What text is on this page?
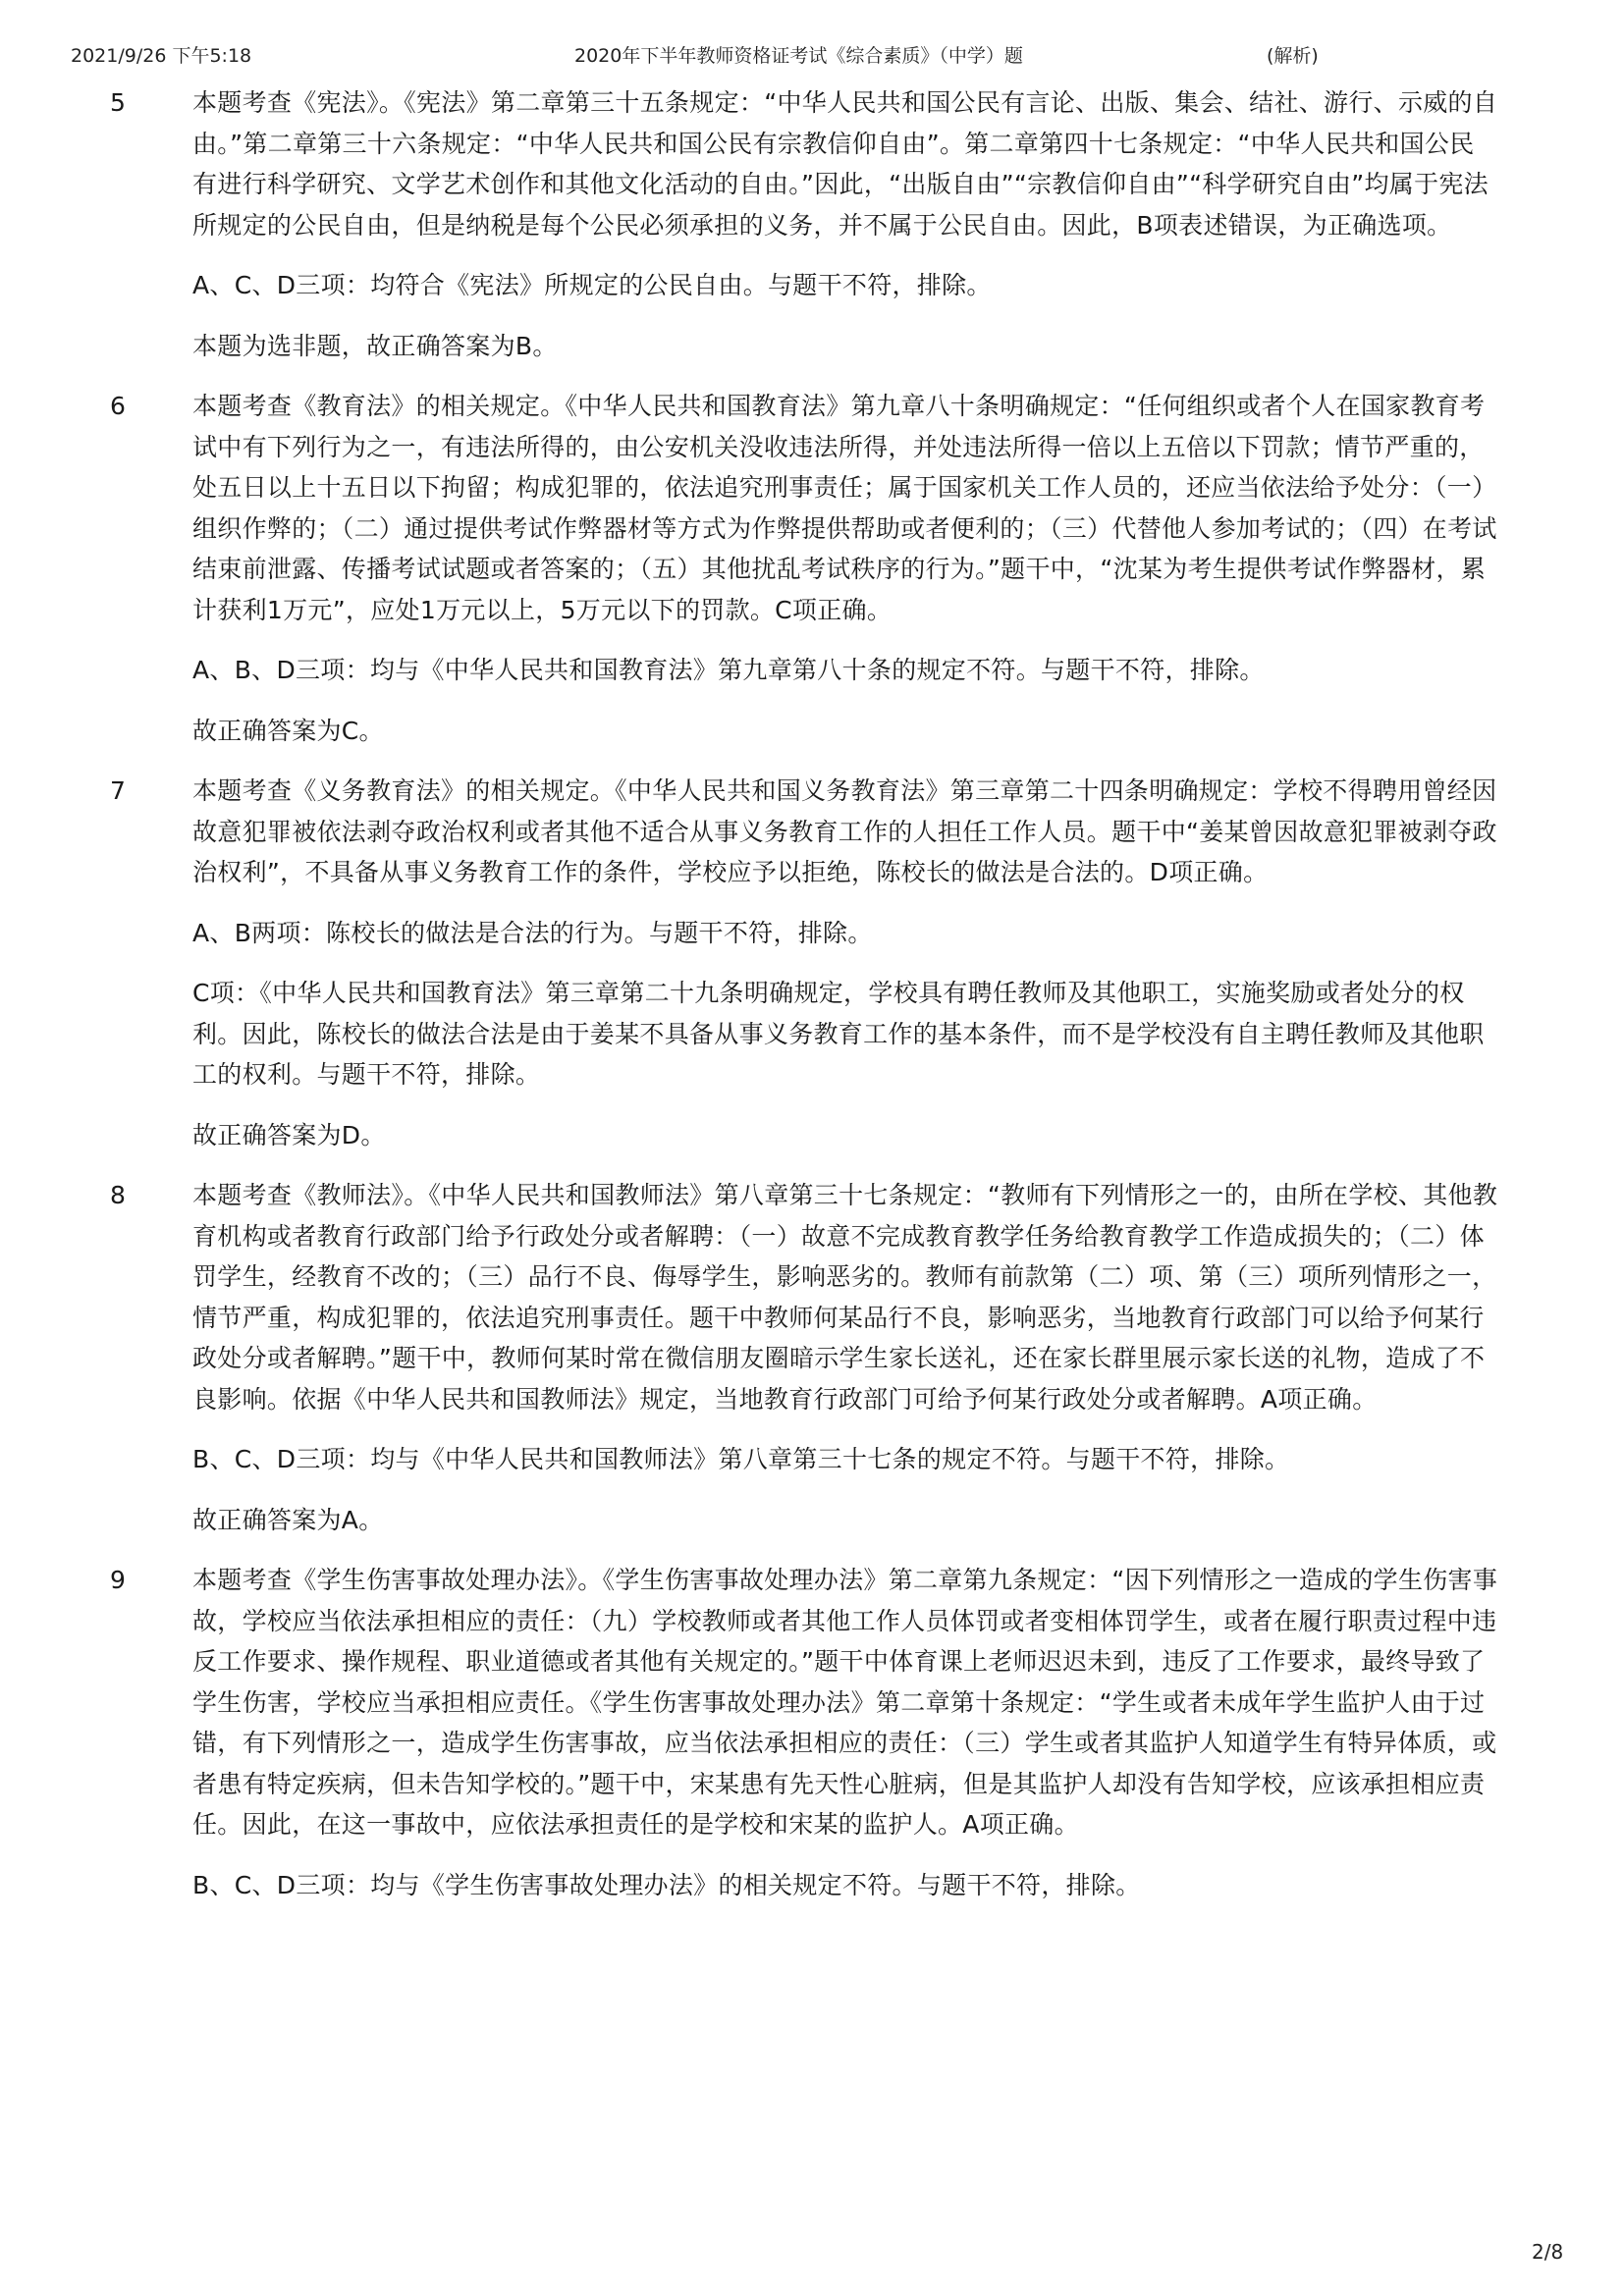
2021/9/26 下午5:18	2020年下半年教师资格证考试《综合素质》（中学）题	(解析)
5	本题考查《宪法》。《宪法》第二章第三十五条规定：“中华人民共和国公民有言论、出版、集会、结社、游行、示威的自由。”第二章第三十六条规定：“中华人民共和国公民有宗教信仰自由”。第二章第四十七条规定：“中华人民共和国公民有进行科学研究、文学艺术创作和其他文化活动的自由。”因此，“出版自由”“宗教信仰自由”“科学研究自由”均属于宪法所规定的公民自由，但是纳税是每个公民必须承担的义务，并不属于公民自由。因此，B项表述错误，为正确选项。

A、C、D三项：均符合《宪法》所规定的公民自由。与题干不符，排除。

本题为选非题，故正确答案为B。

6	本题考查《教育法》的相关规定。《中华人民共和国教育法》第九章八十条明确规定：“任何组织或者个人在国家教育考试中有下列行为之一，有违法所得的，由公安机关没收违法所得，并处违法所得一倍以上五倍以下罚款；情节严重的，处五日以上十五日以下拘留；构成犯罪的，依法追究刑事责任；属于国家机关工作人员的，还应当依法给予处分：（一）组织作弊的；（二）通过提供考试作弊器材等方式为作弊提供帮助或者便利的；（三）代替他人参加考试的；（四）在考试结束前泄露、传播考试试题或者答案的；（五）其他扰乱考试秩序的行为。”题干中，“沈某为考生提供考试作弊器材，累计获利1万元”，应处1万元以上，5万元以下的罚款。C项正确。

A、B、D三项：均与《中华人民共和国教育法》第九章第八十条的规定不符。与题干不符，排除。

故正确答案为C。

7	本题考查《义务教育法》的相关规定。《中华人民共和国义务教育法》第三章第二十四条明确规定：学校不得聘用曾经因故意犯罪被依法剥夺政治权利或者其他不适合从事义务教育工作的人担任工作人员。题干中“姜某曾因故意犯罪被剥夺政治权利”，不具备从事义务教育工作的条件，学校应予以拒绝，陈校长的做法是合法的。D项正确。

A、B两项：陈校长的做法是合法的行为。与题干不符，排除。

C项：《中华人民共和国教育法》第三章第二十九条明确规定，学校具有聘任教师及其他职工，实施奖励或者处分的权利。因此，陈校长的做法合法是由于姜某不具备从事义务教育工作的基本条件，而不是学校没有自主聘任教师及其他职工的权利。与题干不符，排除。

故正确答案为D。

8	本题考查《教师法》。《中华人民共和国教师法》第八章第三十七条规定：“教师有下列情形之一的，由所在学校、其他教育机构或者教育行政部门给予行政处分或者解聘：（一）故意不完成教育教学任务给教育教学工作造成损失的；（二）体罚学生，经教育不改的；（三）品行不良、侮辱学生，影响恶劣的。教师有前款第（二）项、第（三）项所列情形之一，情节严重，构成犯罪的，依法追究刑事责任。题干中教师何某品行不良，影响恶劣，当地教育行政部门可以给予何某行政处分或者解聘。”题干中，教师何某时常在微信朋友圈暗示学生家长送礼，还在家长群里展示家长送的礼物，造成了不良影响。依据《中华人民共和国教师法》规定，当地教育行政部门可给予何某行政处分或者解聘。A项正确。

B、C、D三项：均与《中华人民共和国教师法》第八章第三十七条的规定不符。与题干不符，排除。

故正确答案为A。

9	本题考查《学生伤害事故处理办法》。《学生伤害事故处理办法》第二章第九条规定：“因下列情形之一造成的学生伤害事故，学校应当依法承担相应的责任：（九）学校教师或者其他工作人员体罚或者变相体罚学生，或者在履行职责过程中违反工作要求、操作规程、职业道德或者其他有关规定的。”题干中体育课上老师迟迟未到，违反了工作要求，最终导致了学生伤害，学校应当承担相应责任。《学生伤害事故处理办法》第二章第十条规定：“学生或者未成年学生监护人由于过错，有下列情形之一，造成学生伤害事故，应当依法承担相应的责任：（三）学生或者其监护人知道学生有特异体质，或者患有特定疾病，但未告知学校的。”题干中，宋某患有先天性心脏病，但是其监护人却没有告知学校，应该承担相应责任。因此，在这一事故中，应依法承担责任的是学校和宋某的监护人。A项正确。

B、C、D三项：均与《学生伤害事故处理办法》的相关规定不符。与题干不符，排除。

2/8
